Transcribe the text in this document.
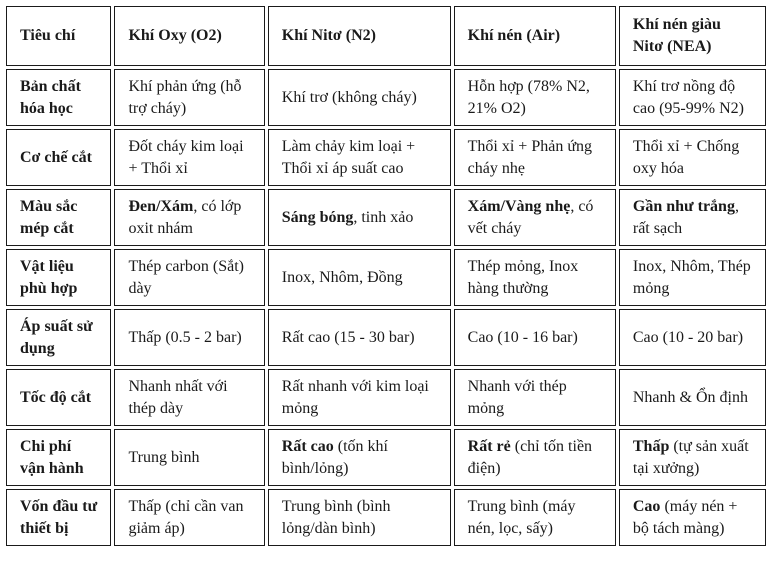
Tiêu chí	Khí Oxy (O2)	Khí Nitơ (N2)	Khí nén (Air)	Khí nén giàu Nitơ (NEA)
Bản chất hóa học	Khí phản ứng (hỗ trợ cháy)	Khí trơ (không cháy)	Hỗn hợp (78% N2, 21% O2)	Khí trơ nồng độ cao (95-99% N2)
Cơ chế cắt	Đốt cháy kim loại + Thổi xỉ	Làm chảy kim loại + Thổi xỉ áp suất cao	Thổi xỉ + Phản ứng cháy nhẹ	Thổi xỉ + Chống oxy hóa
Màu sắc mép cắt	Đen/Xám, có lớp oxit nhám	Sáng bóng, tinh xảo	Xám/Vàng nhẹ, có vết cháy	Gần như trắng, rất sạch
Vật liệu phù hợp	Thép carbon (Sắt) dày	Inox, Nhôm, Đồng	Thép mỏng, Inox hàng thường	Inox, Nhôm, Thép mỏng
Áp suất sử dụng	Thấp (0.5 - 2 bar)	Rất cao (15 - 30 bar)	Cao (10 - 16 bar)	Cao (10 - 20 bar)
Tốc độ cắt	Nhanh nhất với thép dày	Rất nhanh với kim loại mỏng	Nhanh với thép mỏng	Nhanh & Ổn định
Chi phí vận hành	Trung bình	Rất cao (tốn khí bình/lỏng)	Rất rẻ (chỉ tốn tiền điện)	Thấp (tự sản xuất tại xưởng)
Vốn đầu tư thiết bị	Thấp (chỉ cần van giảm áp)	Trung bình (bình lỏng/dàn bình)	Trung bình (máy nén, lọc, sấy)	Cao (máy nén + bộ tách màng)
